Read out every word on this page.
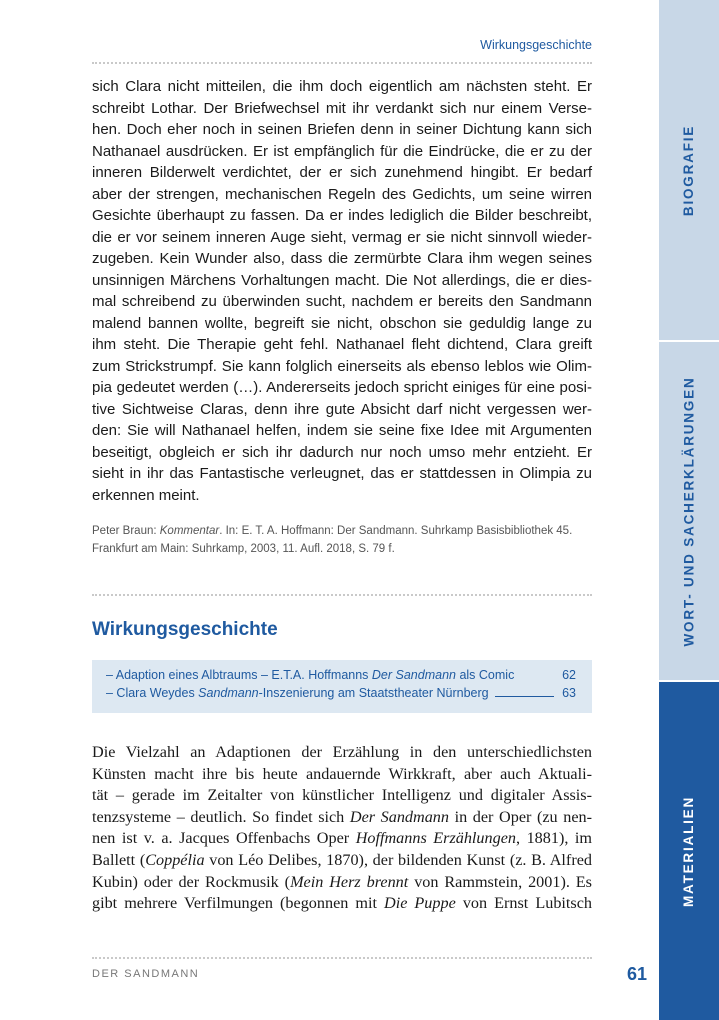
Wirkungsgeschichte

sich Clara nicht mitteilen, die ihm doch eigentlich am nächsten steht. Er
schreibt Lothar. Der Briefwechsel mit ihr verdankt sich nur einem Verse-
hen. Doch eher noch in seinen Briefen denn in seiner Dichtung kann sich
Nathanael ausdrücken. Er ist empfänglich für die Eindrücke, die er zu der
inneren Bilderwelt verdichtet, der er sich zunehmend hingibt. Er bedarf
aber der strengen, mechanischen Regeln des Gedichts, um seine wirren
Gesichte überhaupt zu fassen. Da er indes lediglich die Bilder beschreibt,
die er vor seinem inneren Auge sieht, vermag er sie nicht sinnvoll wieder-
zugeben. Kein Wunder also, dass die zermürbte Clara ihm wegen seines
unsinnigen Märchens Vorhaltungen macht. Die Not allerdings, die er dies-
mal schreibend zu überwinden sucht, nachdem er bereits den Sandmann
malend bannen wollte, begreift sie nicht, obschon sie geduldig lange zu
ihm steht. Die Therapie geht fehl. Nathanael fleht dichtend, Clara greift
zum Strickstrumpf. Sie kann folglich einerseits als ebenso leblos wie Olim-
pia gedeutet werden (…). Andererseits jedoch spricht einiges für eine posi-
tive Sichtweise Claras, denn ihre gute Absicht darf nicht vergessen wer-
den: Sie will Nathanael helfen, indem sie seine fixe Idee mit Argumenten
beseitigt, obgleich er sich ihr dadurch nur noch umso mehr entzieht. Er
sieht in ihr das Fantastische verleugnet, das er stattdessen in Olimpia zu
erkennen meint.

Peter Braun: Kommentar. In: E. T. A. Hoffmann: Der Sandmann. Suhrkamp Basisbibliothek 45.
Frankfurt am Main: Suhrkamp, 2003, 11. Aufl. 2018, S. 79 f.
Wirkungsgeschichte
– Adaption eines Albtraums – E.T.A. Hoffmanns Der Sandmann als Comic	62
– Clara Weydes Sandmann-Inszenierung am Staatstheater Nürnberg	63

Die Vielzahl an Adaptionen der Erzählung in den unterschiedlichsten
Künsten macht ihre bis heute andauernde Wirkkraft, aber auch Aktuali-
tät – gerade im Zeitalter von künstlicher Intelligenz und digitaler Assis-
tenzsysteme – deutlich. So findet sich Der Sandmann in der Oper (zu nen-
nen ist v. a. Jacques Offenbachs Oper Hoffmanns Erzählungen, 1881), im
Ballett (Coppélia von Léo Delibes, 1870), der bildenden Kunst (z. B. Alfred
Kubin) oder der Rockmusik (Mein Herz brennt von Rammstein, 2001). Es
gibt mehrere Verfilmungen (begonnen mit Die Puppe von Ernst Lubitsch

DER SANDMANN	61
BIOGRAFIE
WORT- UND SACHERKLÄRUNGEN
MATERIALIEN
